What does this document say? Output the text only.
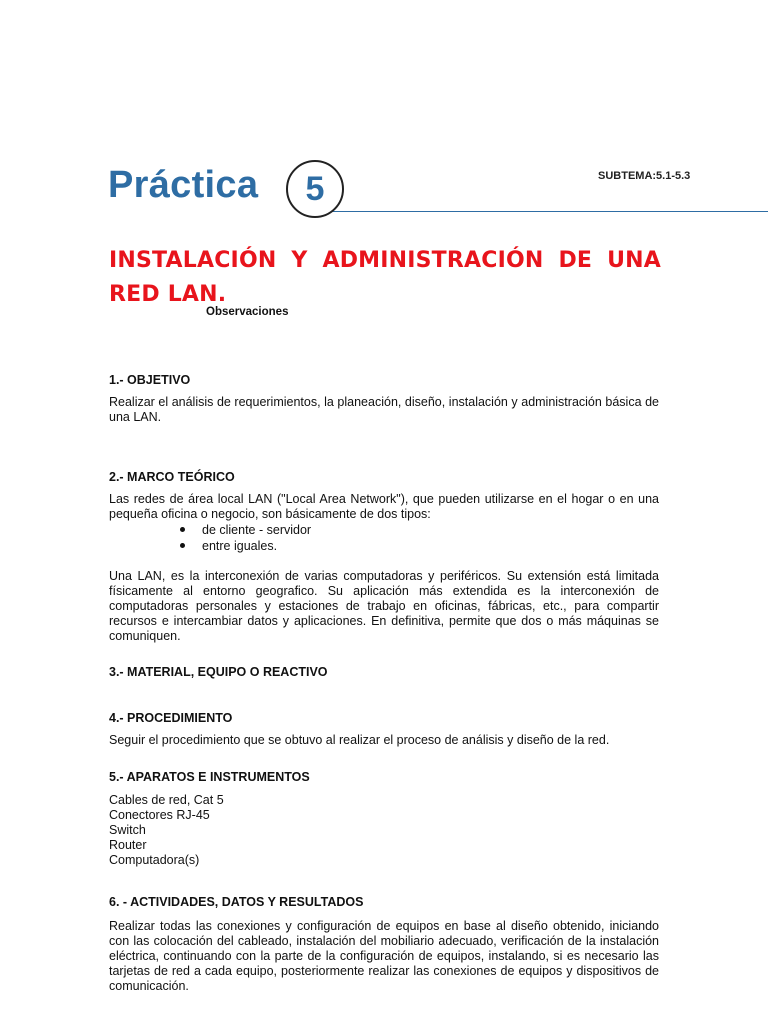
Práctica	5	SUBTEMA:5.1-5.3
INSTALACIÓN Y ADMINISTRACIÓN DE UNA RED LAN.
Observaciones
1.- OBJETIVO
Realizar el análisis de requerimientos, la planeación, diseño, instalación y administración básica de una LAN.
2.- MARCO TEÓRICO
Las redes de área local LAN ("Local Area Network"), que pueden utilizarse en el hogar o en una pequeña oficina o negocio, son básicamente de dos tipos:
de cliente - servidor
entre iguales.
Una LAN, es la interconexión de varias computadoras y periféricos. Su extensión está limitada físicamente al entorno geografico. Su aplicación más extendida es la interconexión de computadoras personales y estaciones de trabajo en oficinas, fábricas, etc., para compartir recursos e intercambiar datos y aplicaciones. En definitiva, permite que dos o más máquinas se comuniquen.
3.- MATERIAL, EQUIPO O REACTIVO
4.- PROCEDIMIENTO
Seguir el procedimiento que se obtuvo al realizar el proceso de análisis y diseño de la red.
5.- APARATOS E INSTRUMENTOS
Cables de red, Cat 5
Conectores RJ-45
Switch
Router
Computadora(s)
6. - ACTIVIDADES, DATOS Y RESULTADOS
Realizar todas las conexiones y configuración de equipos en base al diseño obtenido, iniciando con las colocación del cableado, instalación del mobiliario adecuado, verificación de la instalación eléctrica, continuando con la parte de la configuración de equipos, instalando, si es necesario las tarjetas de red a cada equipo, posteriormente realizar las conexiones de equipos y dispositivos de comunicación.
